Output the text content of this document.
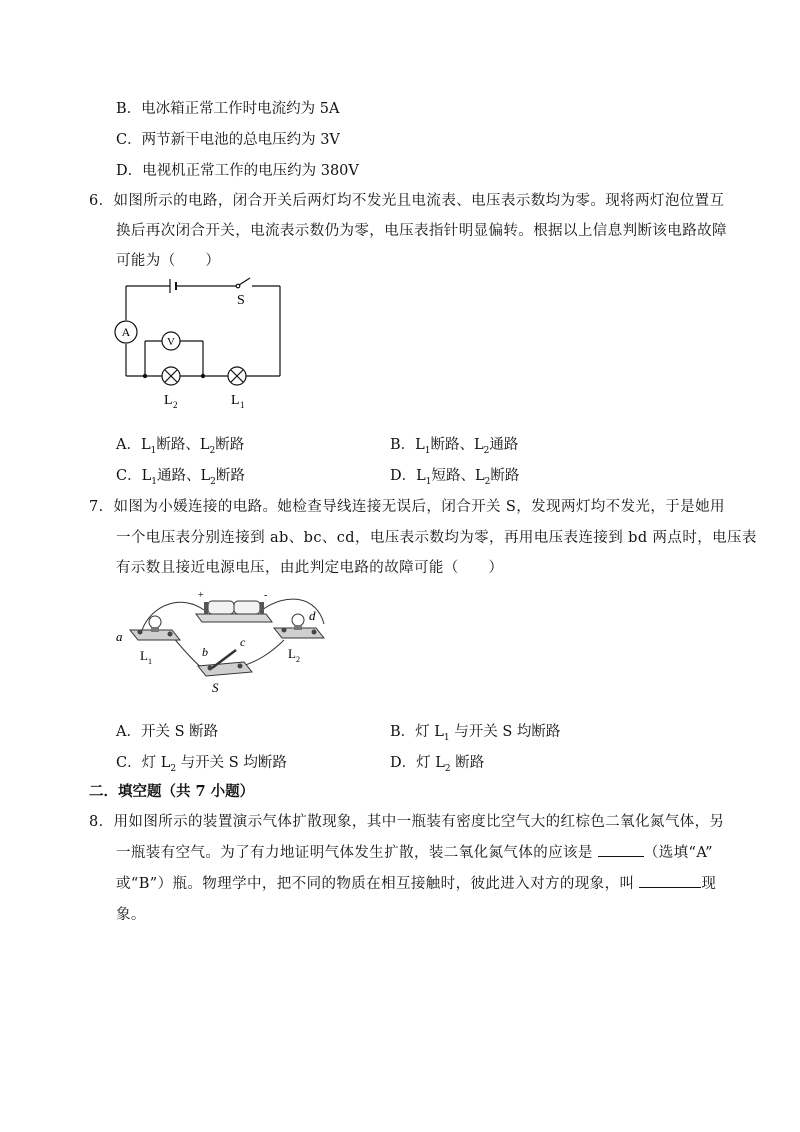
B．电冰箱正常工作时电流约为 5A
C．两节新干电池的总电压约为 3V
D．电视机正常工作的电压约为 380V
6．如图所示的电路，闭合开关后两灯均不发光且电流表、电压表示数均为零。现将两灯泡位置互
换后再次闭合开关，电流表示数仍为零，电压表指针明显偏转。根据以上信息判断该电路故障
可能为（　　）
A
V
S
L 2	L 1
A．$L_1$断路、$L_2$断路	B．$L_1$断路、$L_2$通路
C．$L_1$通路、$L_2$断路	D．$L_1$短路、$L_2$断路
7．如图为小媛连接的电路。她检查导线连接无误后，闭合开关 S，发现两灯均不发光，于是她用
一个电压表分别连接到 ab、bc、cd，电压表示数均为零，再用电压表连接到 bd 两点时，电压表
有示数且接近电源电压，由此判定电路的故障可能（　　）
a
b
c
d
+	-
L 1
L 2
S
A．开关 S 断路	B．灯 $L_1$ 与开关 S 均断路
C．灯 $L_2$ 与开关 S 均断路	D．灯 $L_2$ 断路
二．填空题（共 7 小题）
8．用如图所示的装置演示气体扩散现象，其中一瓶装有密度比空气大的红棕色二氧化氮气体，另
一瓶装有空气。为了有力地证明气体发生扩散，装二氧化氮气体的应该是	（选填“A”
或“B”）瓶。物理学中，把不同的物质在相互接触时，彼此进入对方的现象，叫	现
象。
